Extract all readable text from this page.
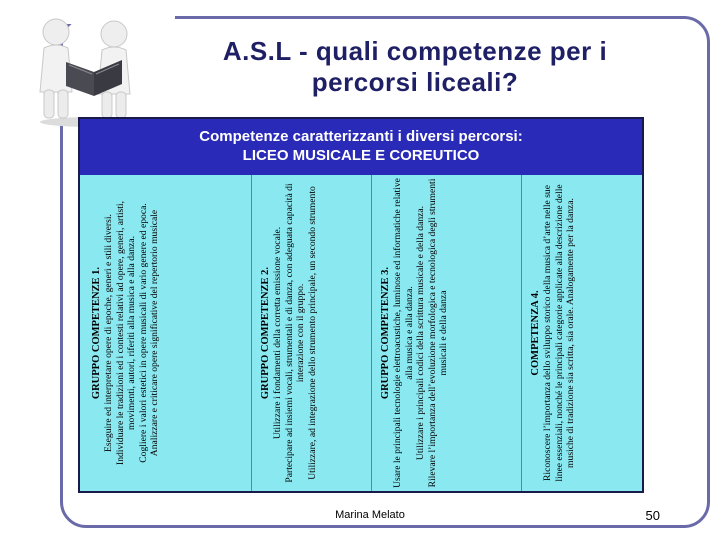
A.S.L - quali competenze per i percorsi liceali?
Competenze caratterizzanti i diversi percorsi:
LICEO MUSICALE E COREUTICO
GRUPPO COMPETENZE 1. Eseguire ed interpretare opere di epoche, generi e stili diversi. Individuare le tradizioni ed i contesti relativi ad opere, generi, artisti, movimenti, autori, riferiti alla musica e alla danza. Cogliere i valori estetici in opere musicali di vario genere ed epoca. Analizzare e criticare opere significative del repertorio musicale	GRUPPO COMPETENZE 2. Utilizzare i fondamenti della corretta emissione vocale. Partecipare ad insiemi vocali, strumentali e di danza, con adeguata capacità di interazione con il gruppo. Utilizzare, ad integrazione dello strumento principale, un secondo strumento	GRUPPO COMPETENZE 3. Usare le principali tecnologie elettroacustiche, luminose ed informatiche relative alla musica e alla danza. Utilizzare i principali codici della scrittura musicale e della danza. Rilevare l’importanza dell’evoluzione morfologica e tecnologica degli strumenti musicali e della danza	COMPETENZA 4. Riconoscere l’importanza dello sviluppo storico della musica d’arte nelle sue linee essenziali, nonché le principali categorie applicate alla descrizione delle musiche di tradizione sia scritta, sia orale. Analogamente per la danza.

Marina Melato	50
